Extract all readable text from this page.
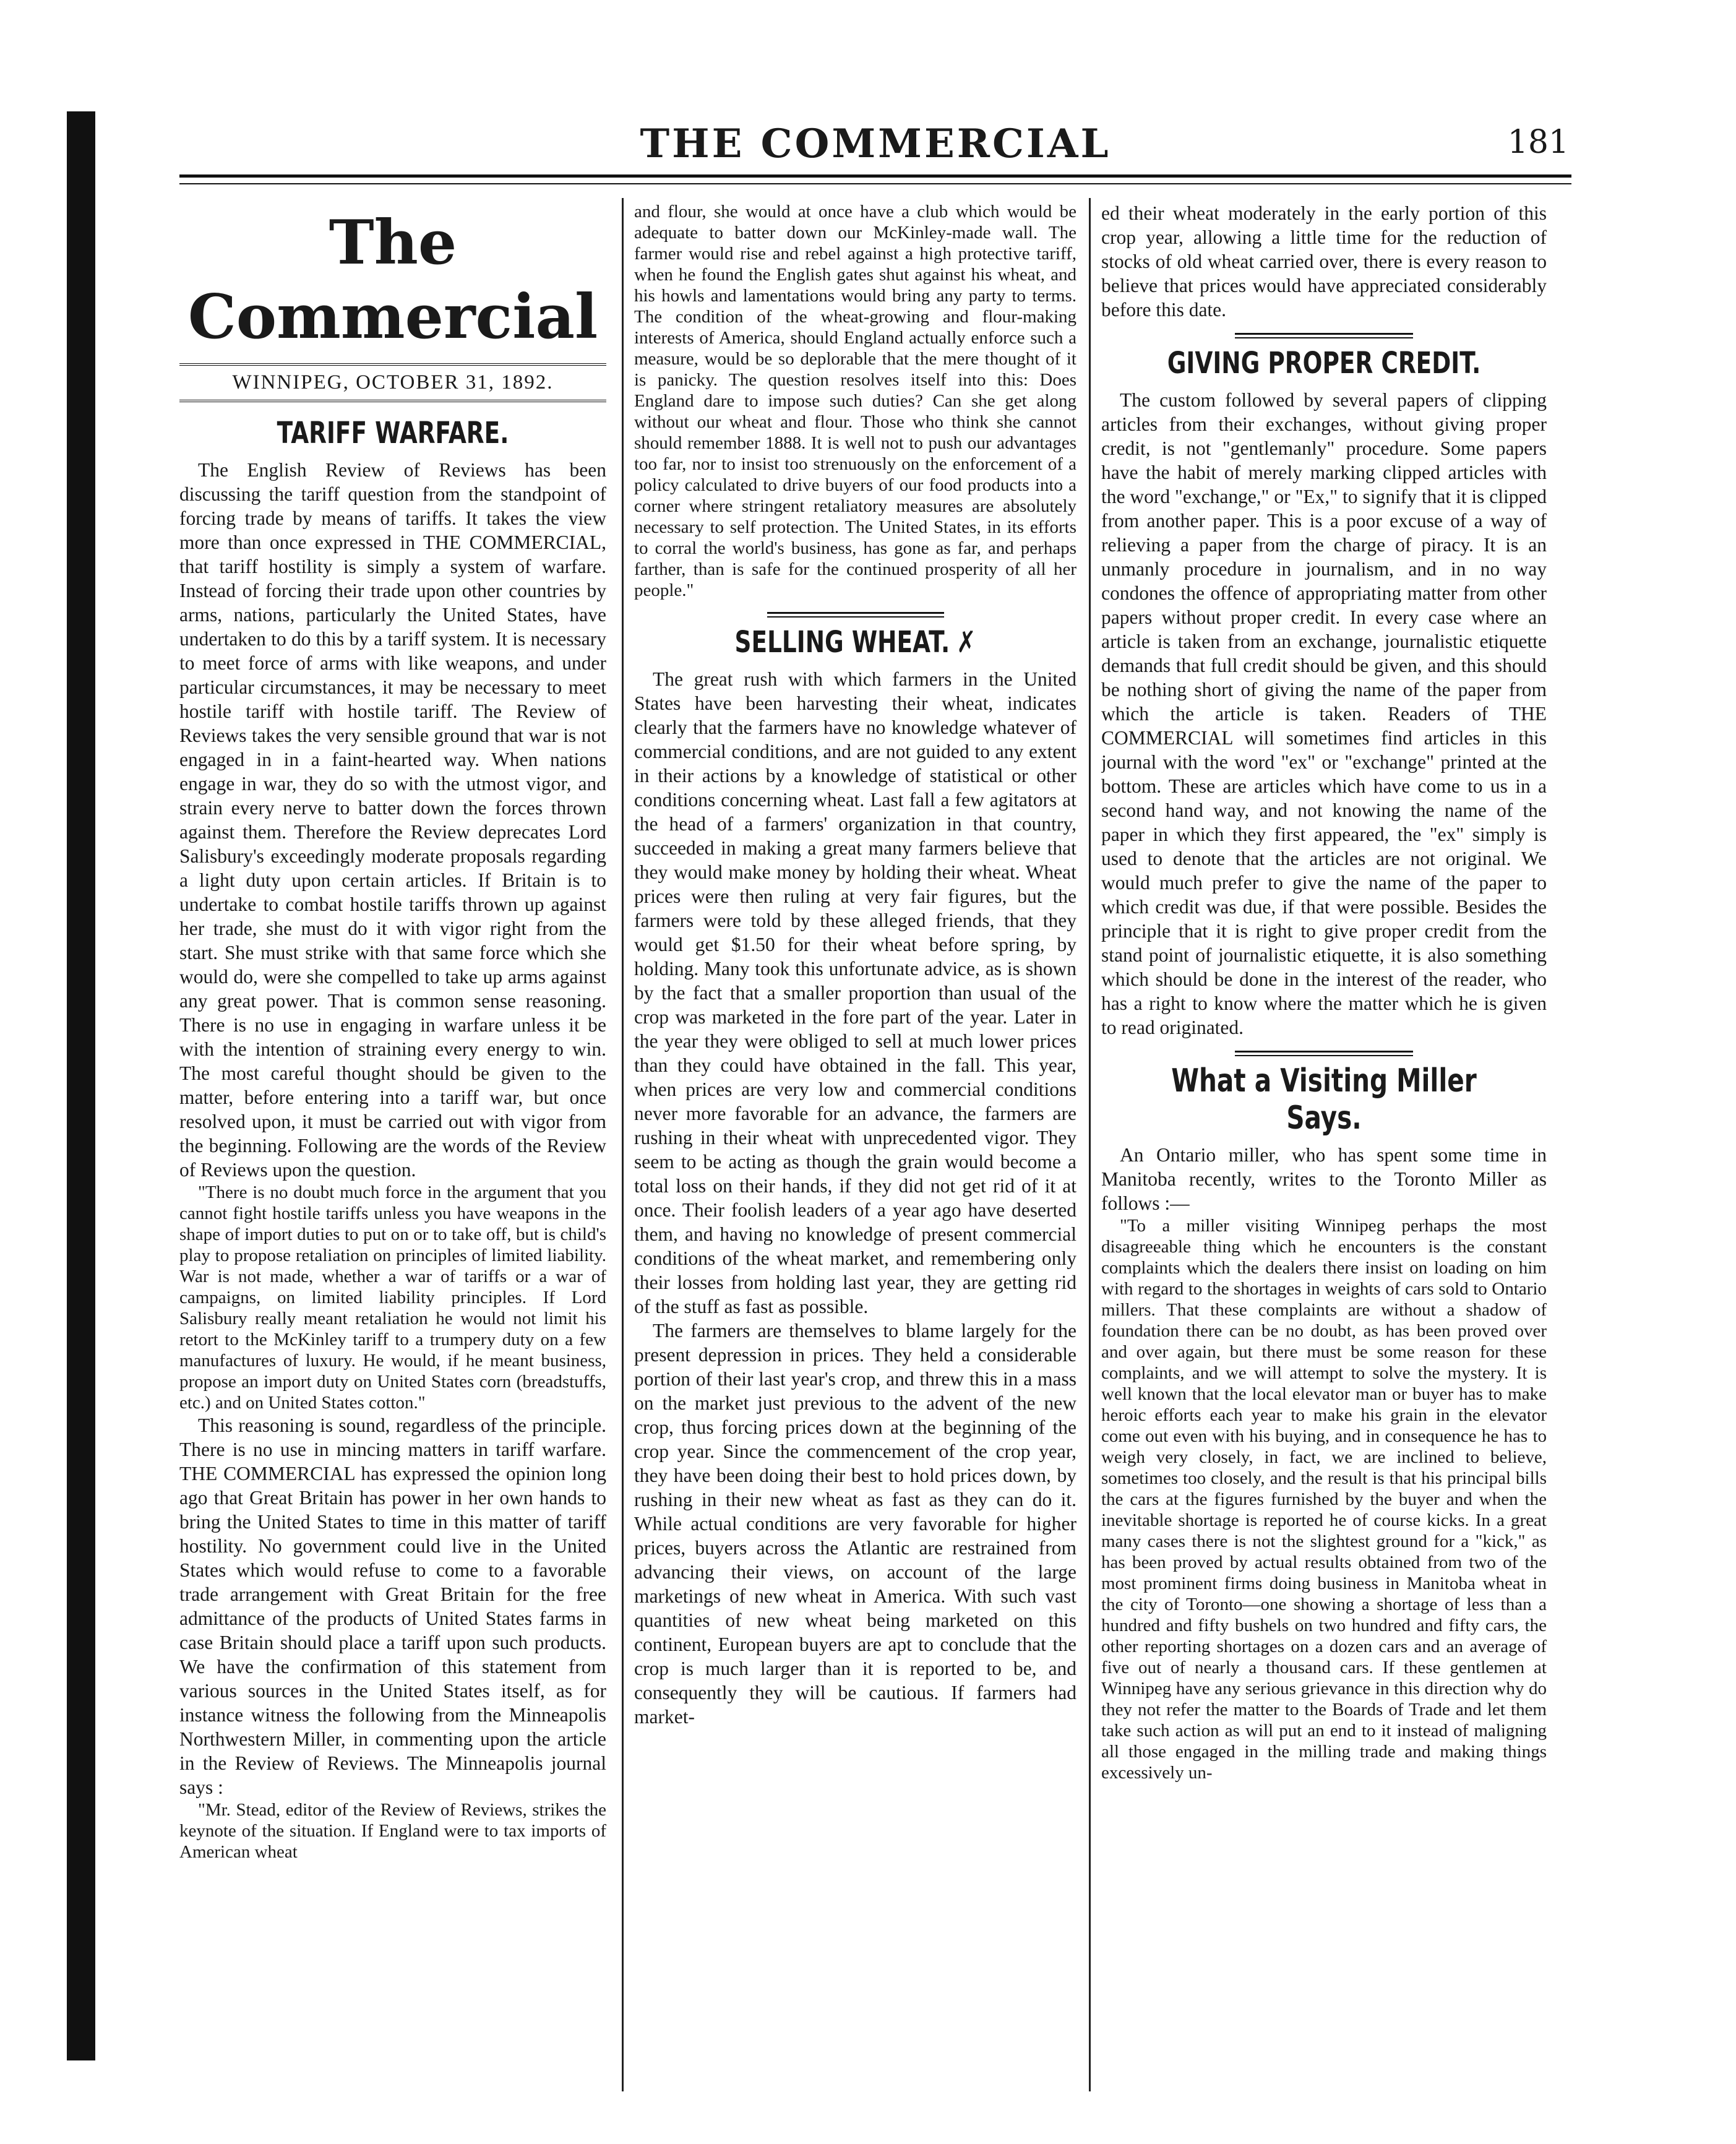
THE COMMERCIAL	181
The Commercial
WINNIPEG, OCTOBER 31, 1892.
TARIFF WARFARE.

The English Review of Reviews has been discussing the tariff question from the standpoint of forcing trade by means of tariffs. It takes the view more than once expressed in THE COMMERCIAL, that tariff hostility is simply a system of warfare. Instead of forcing their trade upon other countries by arms, nations, particularly the United States, have undertaken to do this by a tariff system. It is necessary to meet force of arms with like weapons, and under particular circumstances, it may be necessary to meet hostile tariff with hostile tariff. The Review of Reviews takes the very sensible ground that war is not engaged in in a faint-hearted way. When nations engage in war, they do so with the utmost vigor, and strain every nerve to batter down the forces thrown against them. Therefore the Review deprecates Lord Salisbury's exceedingly moderate proposals regarding a light duty upon certain articles. If Britain is to undertake to combat hostile tariffs thrown up against her trade, she must do it with vigor right from the start. She must strike with that same force which she would do, were she compelled to take up arms against any great power. That is common sense reasoning. There is no use in engaging in warfare unless it be with the intention of straining every energy to win. The most careful thought should be given to the matter, before entering into a tariff war, but once resolved upon, it must be carried out with vigor from the beginning. Following are the words of the Review of Reviews upon the question.

"There is no doubt much force in the argument that you cannot fight hostile tariffs unless you have weapons in the shape of import duties to put on or to take off, but is child's play to propose retaliation on principles of limited liability. War is not made, whether a war of tariffs or a war of campaigns, on limited liability principles. If Lord Salisbury really meant retaliation he would not limit his retort to the McKinley tariff to a trumpery duty on a few manufactures of luxury. He would, if he meant business, propose an import duty on United States corn (breadstuffs, etc.) and on United States cotton."

This reasoning is sound, regardless of the principle. There is no use in mincing matters in tariff warfare. THE COMMERCIAL has expressed the opinion long ago that Great Britain has power in her own hands to bring the United States to time in this matter of tariff hostility. No government could live in the United States which would refuse to come to a favorable trade arrangement with Great Britain for the free admittance of the products of United States farms in case Britain should place a tariff upon such products. We have the confirmation of this statement from various sources in the United States itself, as for instance witness the following from the Minneapolis Northwestern Miller, in commenting upon the article in the Review of Reviews. The Minneapolis journal says :

"Mr. Stead, editor of the Review of Reviews, strikes the keynote of the situation. If England were to tax imports of American wheat

and flour, she would at once have a club which would be adequate to batter down our McKinley-made wall. The farmer would rise and rebel against a high protective tariff, when he found the English gates shut against his wheat, and his howls and lamentations would bring any party to terms. The condition of the wheat-growing and flour-making interests of America, should England actually enforce such a measure, would be so deplorable that the mere thought of it is panicky. The question resolves itself into this: Does England dare to impose such duties? Can she get along without our wheat and flour. Those who think she cannot should remember 1888. It is well not to push our advantages too far, nor to insist too strenuously on the enforcement of a policy calculated to drive buyers of our food products into a corner where stringent retaliatory measures are absolutely necessary to self protection. The United States, in its efforts to corral the world's business, has gone as far, and perhaps farther, than is safe for the continued prosperity of all her people."

SELLING WHEAT. ✗

The great rush with which farmers in the United States have been harvesting their wheat, indicates clearly that the farmers have no knowledge whatever of commercial conditions, and are not guided to any extent in their actions by a knowledge of statistical or other conditions concerning wheat. Last fall a few agitators at the head of a farmers' organization in that country, succeeded in making a great many farmers believe that they would make money by holding their wheat. Wheat prices were then ruling at very fair figures, but the farmers were told by these alleged friends, that they would get $1.50 for their wheat before spring, by holding. Many took this unfortunate advice, as is shown by the fact that a smaller proportion than usual of the crop was marketed in the fore part of the year. Later in the year they were obliged to sell at much lower prices than they could have obtained in the fall. This year, when prices are very low and commercial conditions never more favorable for an advance, the farmers are rushing in their wheat with unprecedented vigor. They seem to be acting as though the grain would become a total loss on their hands, if they did not get rid of it at once. Their foolish leaders of a year ago have deserted them, and having no knowledge of present commercial conditions of the wheat market, and remembering only their losses from holding last year, they are getting rid of the stuff as fast as possible.

The farmers are themselves to blame largely for the present depression in prices. They held a considerable portion of their last year's crop, and threw this in a mass on the market just previous to the advent of the new crop, thus forcing prices down at the beginning of the crop year. Since the commencement of the crop year, they have been doing their best to hold prices down, by rushing in their new wheat as fast as they can do it. While actual conditions are very favorable for higher prices, buyers across the Atlantic are restrained from advancing their views, on account of the large marketings of new wheat in America. With such vast quantities of new wheat being marketed on this continent, European buyers are apt to conclude that the crop is much larger than it is reported to be, and consequently they will be cautious. If farmers had market-

ed their wheat moderately in the early portion of this crop year, allowing a little time for the reduction of stocks of old wheat carried over, there is every reason to believe that prices would have appreciated considerably before this date.

GIVING PROPER CREDIT.

The custom followed by several papers of clipping articles from their exchanges, without giving proper credit, is not "gentlemanly" procedure. Some papers have the habit of merely marking clipped articles with the word "exchange," or "Ex," to signify that it is clipped from another paper. This is a poor excuse of a way of relieving a paper from the charge of piracy. It is an unmanly procedure in journalism, and in no way condones the offence of appropriating matter from other papers without proper credit. In every case where an article is taken from an exchange, journalistic etiquette demands that full credit should be given, and this should be nothing short of giving the name of the paper from which the article is taken. Readers of THE COMMERCIAL will sometimes find articles in this journal with the word "ex" or "exchange" printed at the bottom. These are articles which have come to us in a second hand way, and not knowing the name of the paper in which they first appeared, the "ex" simply is used to denote that the articles are not original. We would much prefer to give the name of the paper to which credit was due, if that were possible. Besides the principle that it is right to give proper credit from the stand point of journalistic etiquette, it is also something which should be done in the interest of the reader, who has a right to know where the matter which he is given to read originated.

What a Visiting Miller Says.

An Ontario miller, who has spent some time in Manitoba recently, writes to the Toronto Miller as follows :—

"To a miller visiting Winnipeg perhaps the most disagreeable thing which he encounters is the constant complaints which the dealers there insist on loading on him with regard to the shortages in weights of cars sold to Ontario millers. That these complaints are without a shadow of foundation there can be no doubt, as has been proved over and over again, but there must be some reason for these complaints, and we will attempt to solve the mystery. It is well known that the local elevator man or buyer has to make heroic efforts each year to make his grain in the elevator come out even with his buying, and in consequence he has to weigh very closely, in fact, we are inclined to believe, sometimes too closely, and the result is that his principal bills the cars at the figures furnished by the buyer and when the inevitable shortage is reported he of course kicks. In a great many cases there is not the slightest ground for a "kick," as has been proved by actual results obtained from two of the most prominent firms doing business in Manitoba wheat in the city of Toronto—one showing a shortage of less than a hundred and fifty bushels on two hundred and fifty cars, the other reporting shortages on a dozen cars and an average of five out of nearly a thousand cars. If these gentlemen at Winnipeg have any serious grievance in this direction why do they not refer the matter to the Boards of Trade and let them take such action as will put an end to it instead of maligning all those engaged in the milling trade and making things excessively un-
